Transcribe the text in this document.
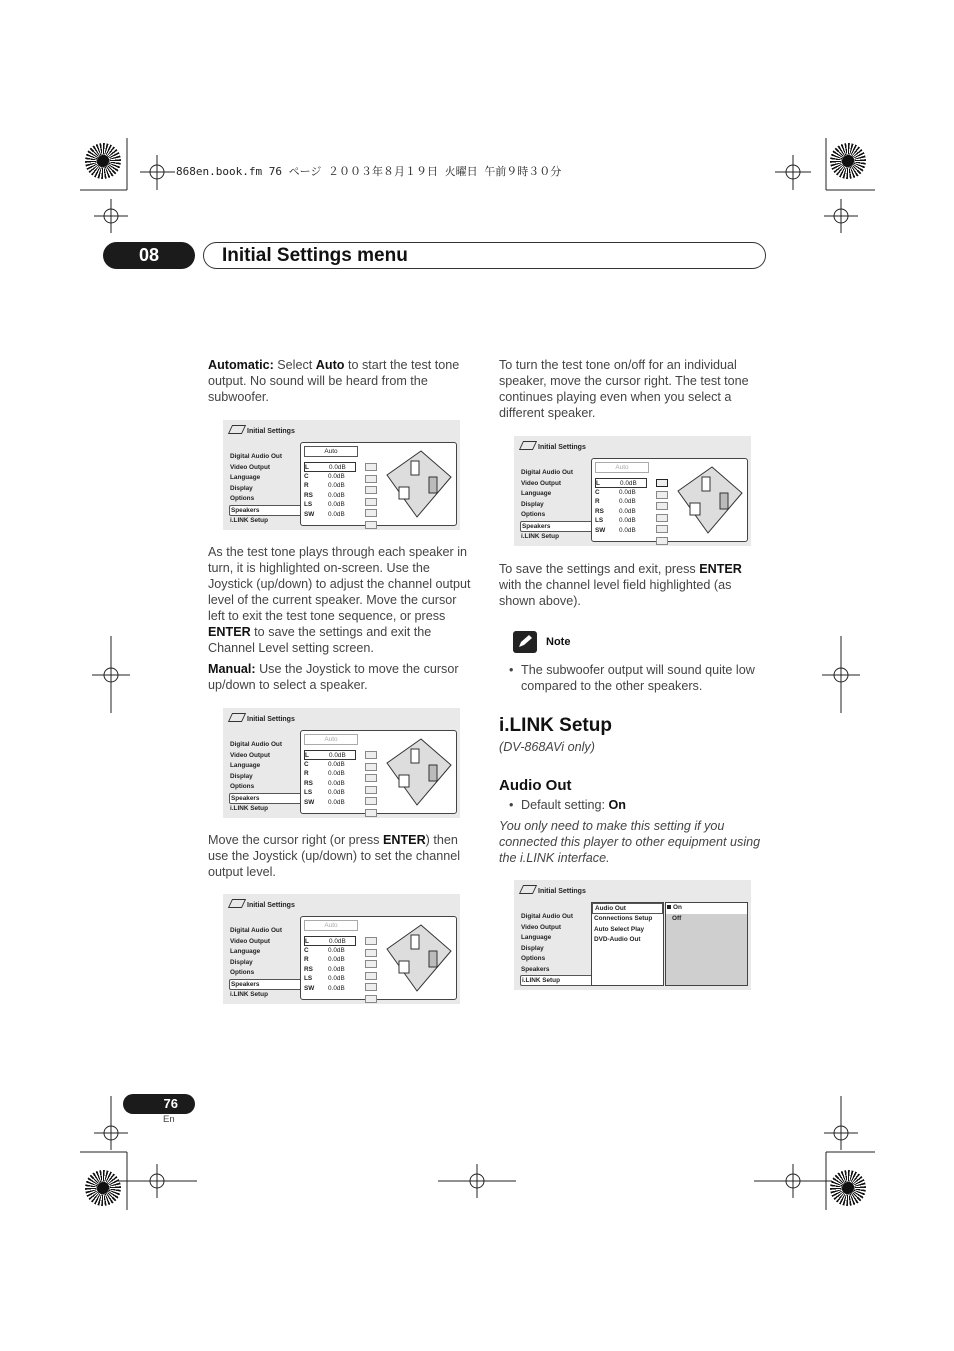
868en.book.fm 76 ページ ２００３年８月１９日 火曜日 午前９時３０分
08	Initial Settings menu

Automatic: Select Auto to start the test tone output. No sound will be heard from the subwoofer.

Initial Settings
Digital Audio Out
Video Output
Language
Display
Options
Speakers
i.LINK Setup
Auto
L	0.0dB
C	0.0dB
R	0.0dB
RS 0.0dB
LS 0.0dB
SW 0.0dB

As the test tone plays through each speaker in turn, it is highlighted on-screen. Use the Joystick (up/down) to adjust the channel output level of the current speaker. Move the cursor left to exit the test tone sequence, or press ENTER to save the settings and exit the Channel Level setting screen.

Manual: Use the Joystick to move the cursor up/down to select a speaker.

Initial Settings
Digital Audio Out
Video Output
Language
Display
Options
Speakers
i.LINK Setup
Auto
L	0.0dB
C	0.0dB
R	0.0dB
RS 0.0dB
LS 0.0dB
SW 0.0dB

Move the cursor right (or press ENTER) then use the Joystick (up/down) to set the channel output level.

Initial Settings
Digital Audio Out
Video Output
Language
Display
Options
Speakers
i.LINK Setup
Auto
L	0.0dB
C	0.0dB
R	0.0dB
RS 0.0dB
LS 0.0dB
SW 0.0dB

To turn the test tone on/off for an individual speaker, move the cursor right. The test tone continues playing even when you select a different speaker.

Initial Settings
Digital Audio Out
Video Output
Language
Display
Options
Speakers
i.LINK Setup
Auto
L	0.0dB
C	0.0dB
R	0.0dB
RS 0.0dB
LS 0.0dB
SW 0.0dB

To save the settings and exit, press ENTER with the channel level field highlighted (as shown above).

Note

• The subwoofer output will sound quite low compared to the other speakers.

i.LINK Setup

(DV-868AVi only)

Audio Out

• Default setting: On

You only need to make this setting if you connected this player to other equipment using the i.LINK interface.

Initial Settings
Digital Audio Out
Video Output
Language
Display
Options
Speakers
i.LINK Setup
Audio Out
Connections Setup
Auto Select Play
DVD-Audio Out
On
Off
76
En
